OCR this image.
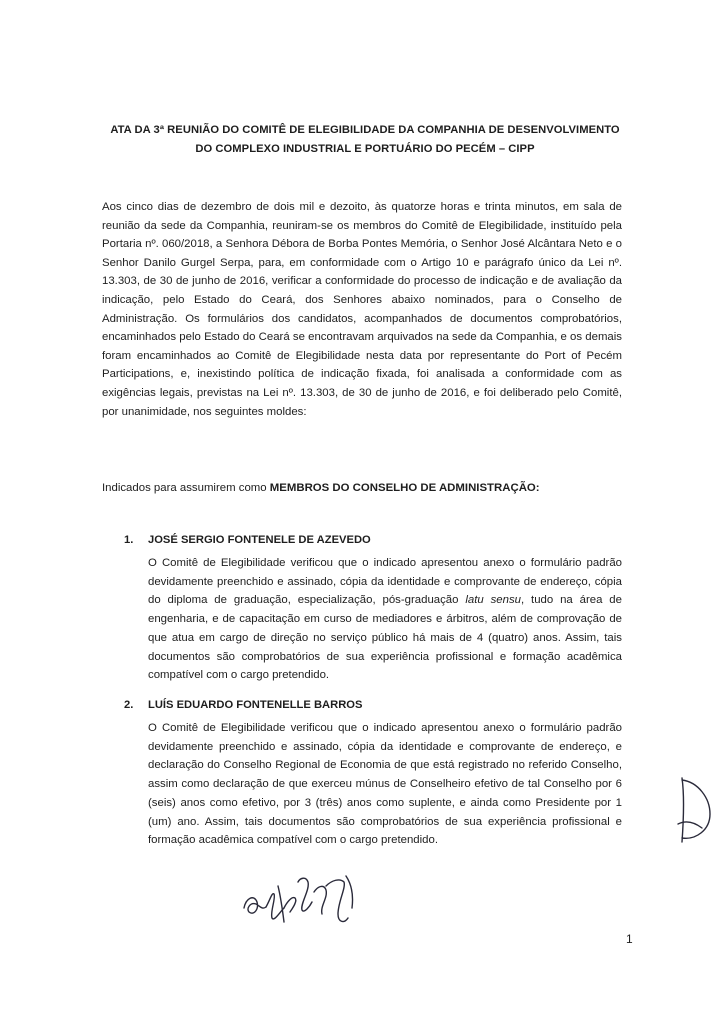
ATA DA 3ª REUNIÃO DO COMITÊ DE ELEGIBILIDADE DA COMPANHIA DE DESENVOLVIMENTO
DO COMPLEXO INDUSTRIAL E PORTUÁRIO DO PECÉM – CIPP
Aos cinco dias de dezembro de dois mil e dezoito, às quatorze horas e trinta minutos, em sala de reunião da sede da Companhia, reuniram-se os membros do Comitê de Elegibilidade, instituído pela Portaria nº. 060/2018, a Senhora Débora de Borba Pontes Memória, o Senhor José Alcântara Neto e o Senhor Danilo Gurgel Serpa, para, em conformidade com o Artigo 10 e parágrafo único da Lei nº. 13.303, de 30 de junho de 2016, verificar a conformidade do processo de indicação e de avaliação da indicação, pelo Estado do Ceará, dos Senhores abaixo nominados, para o Conselho de Administração. Os formulários dos candidatos, acompanhados de documentos comprobatórios, encaminhados pelo Estado do Ceará se encontravam arquivados na sede da Companhia, e os demais foram encaminhados ao Comitê de Elegibilidade nesta data por representante do Port of Pecém Participations, e, inexistindo política de indicação fixada, foi analisada a conformidade com as exigências legais, previstas na Lei nº. 13.303, de 30 de junho de 2016, e foi deliberado pelo Comitê, por unanimidade, nos seguintes moldes:
Indicados para assumirem como MEMBROS DO CONSELHO DE ADMINISTRAÇÃO:
1. JOSÉ SERGIO FONTENELE DE AZEVEDO
O Comitê de Elegibilidade verificou que o indicado apresentou anexo o formulário padrão devidamente preenchido e assinado, cópia da identidade e comprovante de endereço, cópia do diploma de graduação, especialização, pós-graduação latu sensu, tudo na área de engenharia, e de capacitação em curso de mediadores e árbitros, além de comprovação de que atua em cargo de direção no serviço público há mais de 4 (quatro) anos. Assim, tais documentos são comprobatórios de sua experiência profissional e formação acadêmica compatível com o cargo pretendido.
2. LUÍS EDUARDO FONTENELLE BARROS
O Comitê de Elegibilidade verificou que o indicado apresentou anexo o formulário padrão devidamente preenchido e assinado, cópia da identidade e comprovante de endereço, e declaração do Conselho Regional de Economia de que está registrado no referido Conselho, assim como declaração de que exerceu múnus de Conselheiro efetivo de tal Conselho por 6 (seis) anos como efetivo, por 3 (três) anos como suplente, e ainda como Presidente por 1 (um) ano. Assim, tais documentos são comprobatórios de sua experiência profissional e formação acadêmica compatível com o cargo pretendido.
1
